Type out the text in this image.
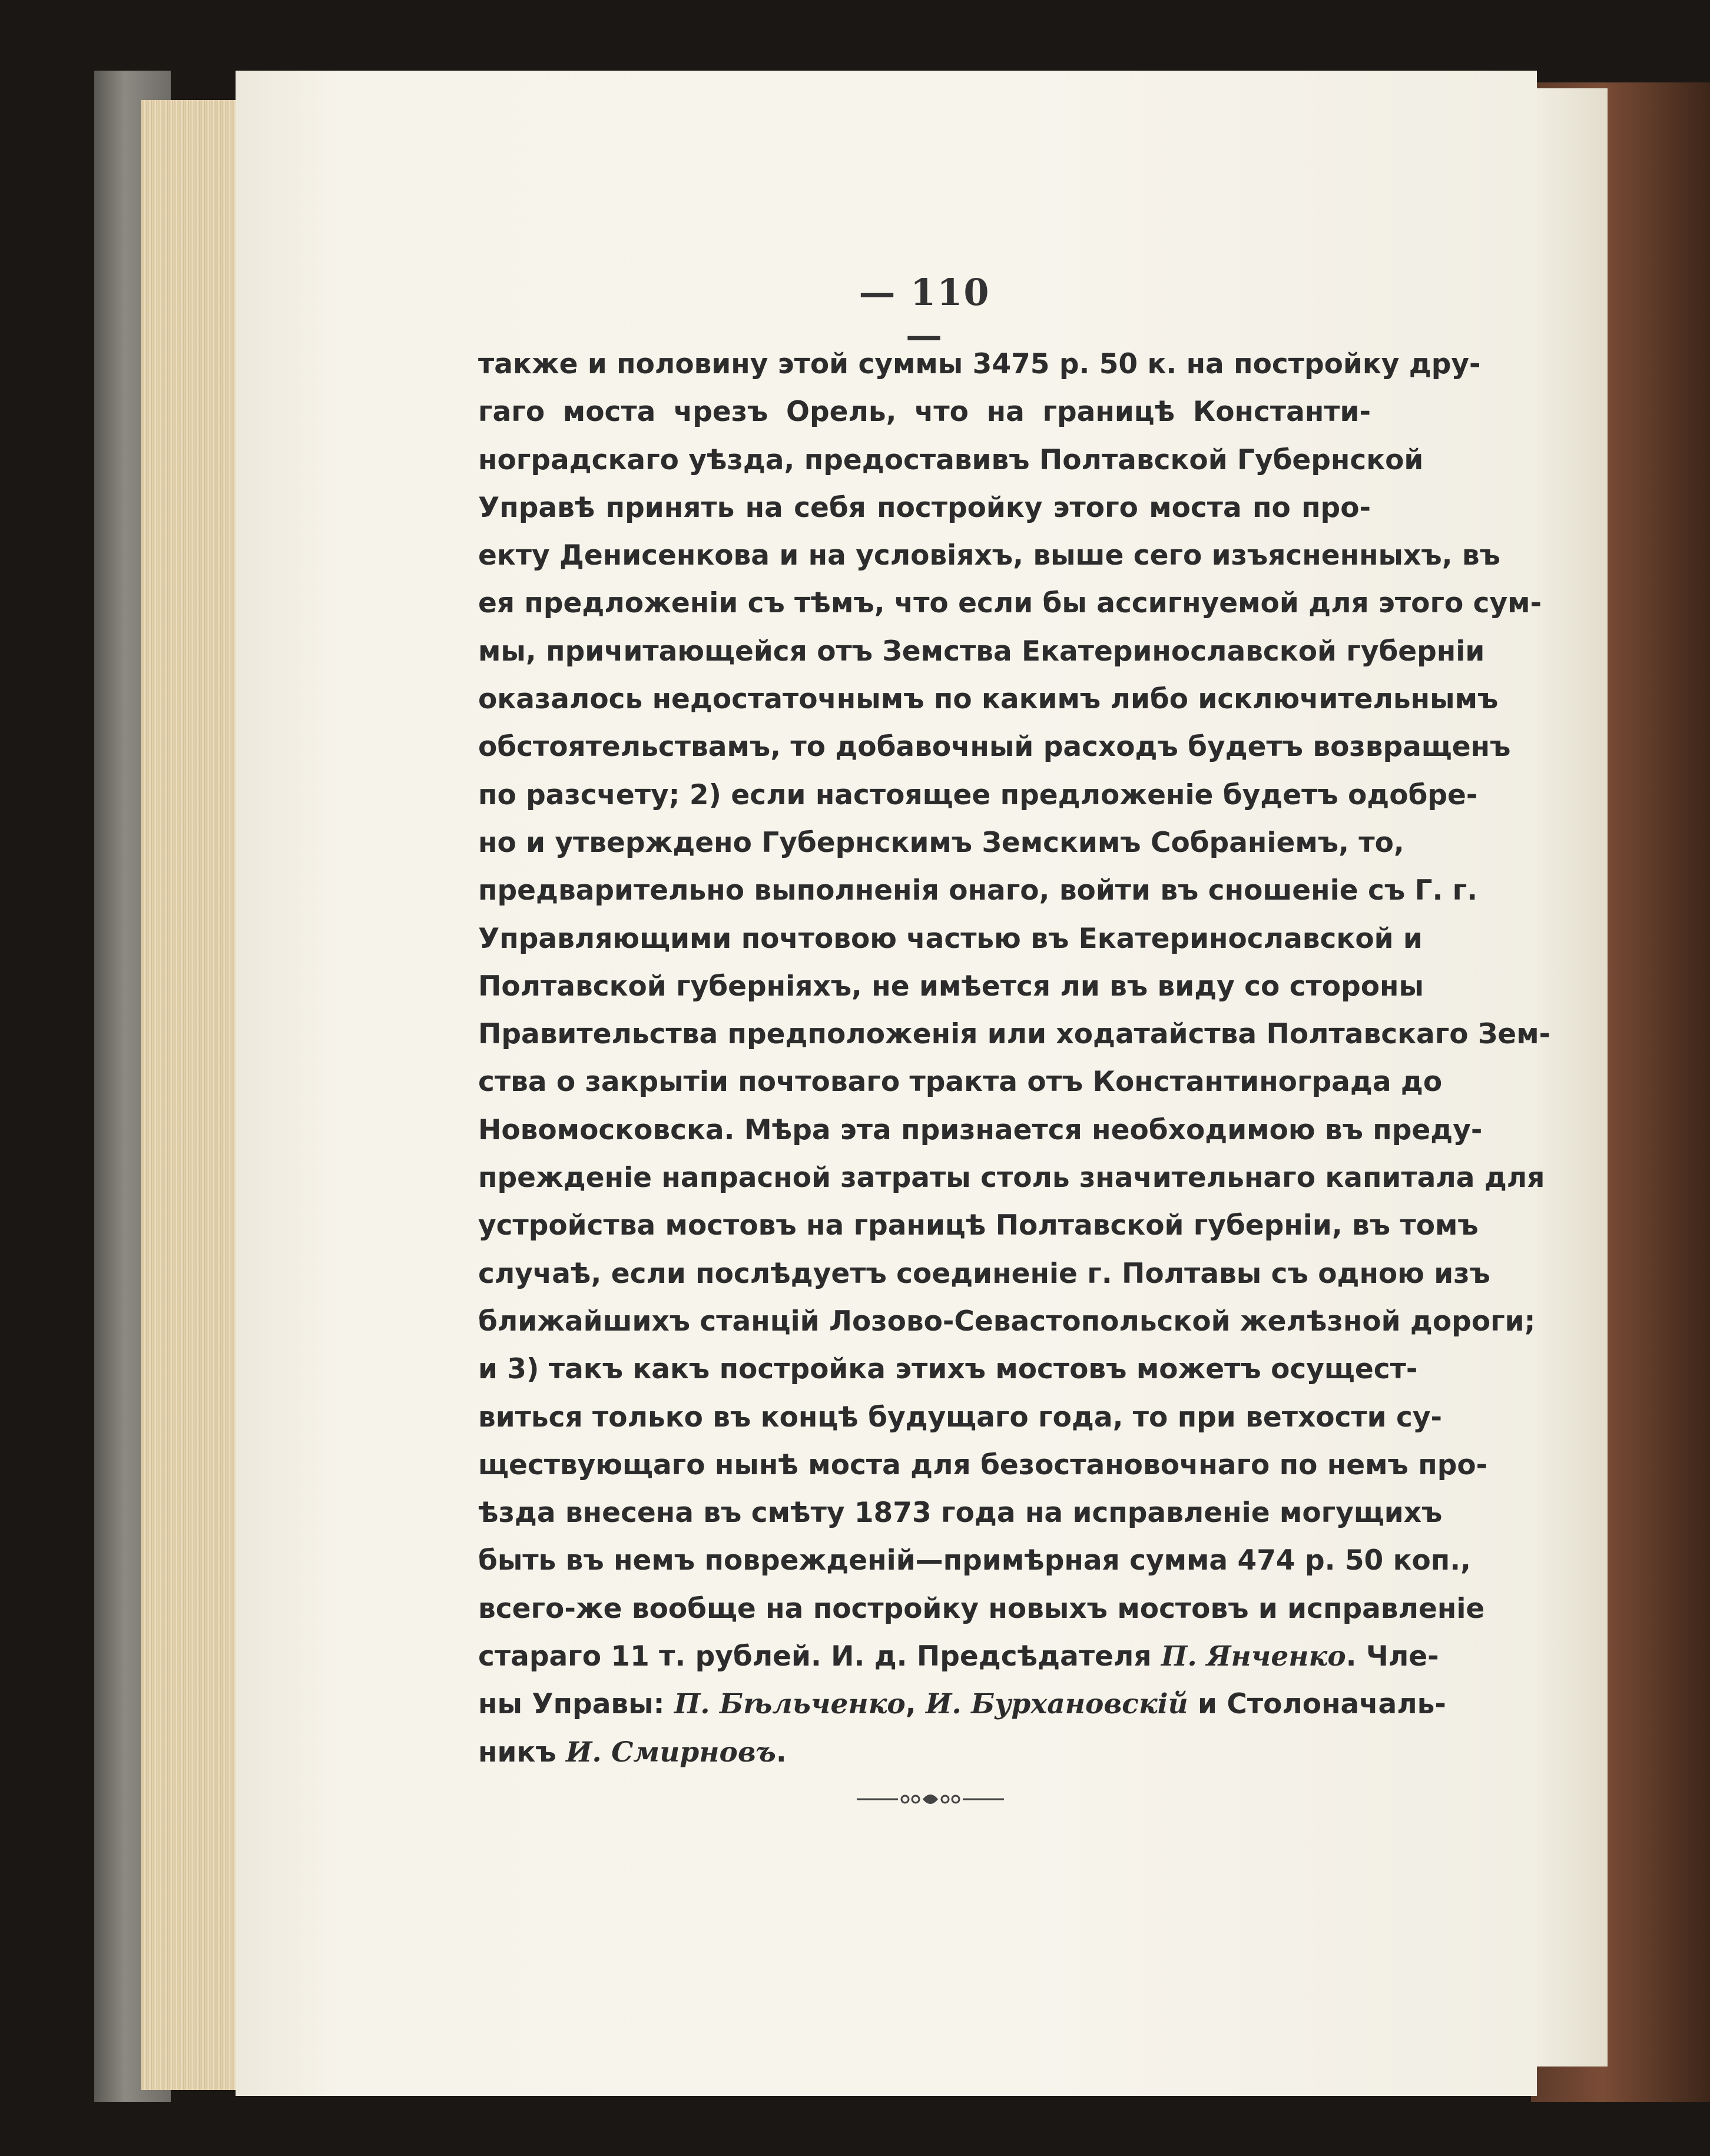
— 110 —
также и половину этой суммы 3475 р. 50 к. на постройку дру-
гаго моста чрезъ Орель, что на границѣ Константи-
ноградскаго уѣзда, предоставивъ Полтавской Губернской
Управѣ принять на себя постройку этого моста по про-
екту Денисенкова и на условіяхъ, выше сего изъясненныхъ, въ
ея предложеніи съ тѣмъ, что если бы ассигнуемой для этого сум-
мы, причитающейся отъ Земства Екатеринославской губерніи
оказалось недостаточнымъ по какимъ либо исключительнымъ
обстоятельствамъ, то добавочный расходъ будетъ возвращенъ
по разсчету; 2) если настоящее предложеніе будетъ одобре-
но и утверждено Губернскимъ Земскимъ Собраніемъ, то,
предварительно выполненія онаго, войти въ сношеніе съ Г. г.
Управляющими почтовою частью въ Екатеринославской и
Полтавской губерніяхъ, не имѣется ли въ виду со стороны
Правительства предположенія или ходатайства Полтавскаго Зем-
ства о закрытіи почтоваго тракта отъ Константинограда до
Новомосковска. Мѣра эта признается необходимою въ преду-
прежденіе напрасной затраты столь значительнаго капитала для
устройства мостовъ на границѣ Полтавской губерніи, въ томъ
случаѣ, если послѣдуетъ соединеніе г. Полтавы съ одною изъ
ближайшихъ станцій Лозово-Севастопольской желѣзной дороги;
и 3) такъ какъ постройка этихъ мостовъ можетъ осущест-
виться только въ концѣ будущаго года, то при ветхости су-
ществующаго нынѣ моста для безостановочнаго по немъ про-
ѣзда внесена въ смѣту 1873 года на исправленіе могущихъ
быть въ немъ поврежденій—примѣрная сумма 474 р. 50 коп.,
всего-же вообще на постройку новыхъ мостовъ и исправленіе
стараго 11 т. рублей. И. д. Предсѣдателя П. Янченко. Чле-
ны Управы: П. Бѣльченко, И. Бурхановскій и Столоначаль-
никъ И. Смирновъ.
